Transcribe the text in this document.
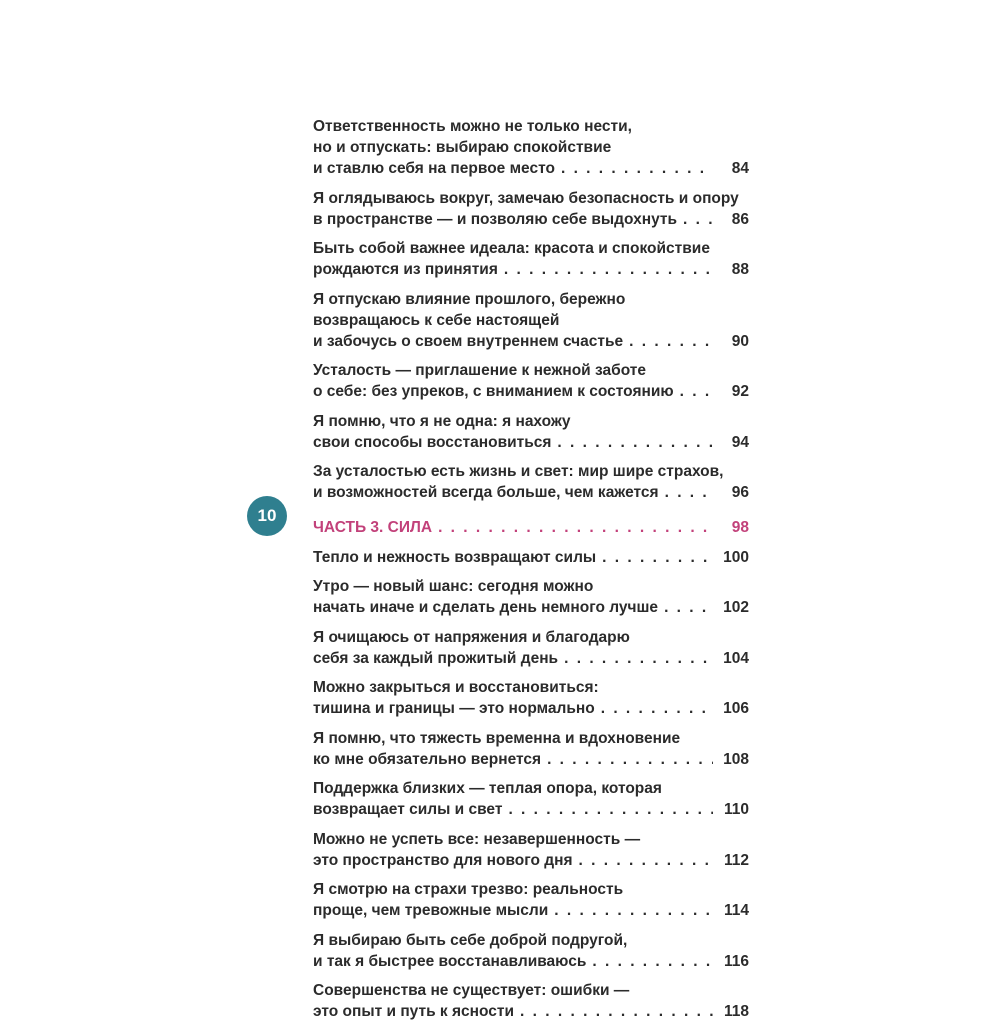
10
Ответственность можно не только нести,
но и отпускать: выбираю спокойствие
и ставлю себя на первое место . . .	84
Я оглядываюсь вокруг, замечаю безопасность и опору
в пространстве — и позволяю себе выдохнуть . . .	86
Быть собой важнее идеала: красота и спокойствие
рождаются из принятия . . .	88
Я отпускаю влияние прошлого, бережно
возвращаюсь к себе настоящей
и забочусь о своем внутреннем счастье . . .	90
Усталость — приглашение к нежной заботе
о себе: без упреков, с вниманием к состоянию . . .	92
Я помню, что я не одна: я нахожу
свои способы восстановиться . . .	94
За усталостью есть жизнь и свет: мир шире страхов,
и возможностей всегда больше, чем кажется . . .	96
ЧАСТЬ 3. СИЛА . . .	98
Тепло и нежность возвращают силы . . .	100
Утро — новый шанс: сегодня можно
начать иначе и сделать день немного лучше . . .	102
Я очищаюсь от напряжения и благодарю
себя за каждый прожитый день . . .	104
Можно закрыться и восстановиться:
тишина и границы — это нормально . . .	106
Я помню, что тяжесть временна и вдохновение
ко мне обязательно вернется . . .	108
Поддержка близких — теплая опора, которая
возвращает силы и свет . . .	110
Можно не успеть все: незавершенность —
это пространство для нового дня . . .	112
Я смотрю на страхи трезво: реальность
проще, чем тревожные мысли . . .	114
Я выбираю быть себе доброй подругой,
и так я быстрее восстанавливаюсь . . .	116
Совершенства не существует: ошибки —
это опыт и путь к ясности . . .	118
